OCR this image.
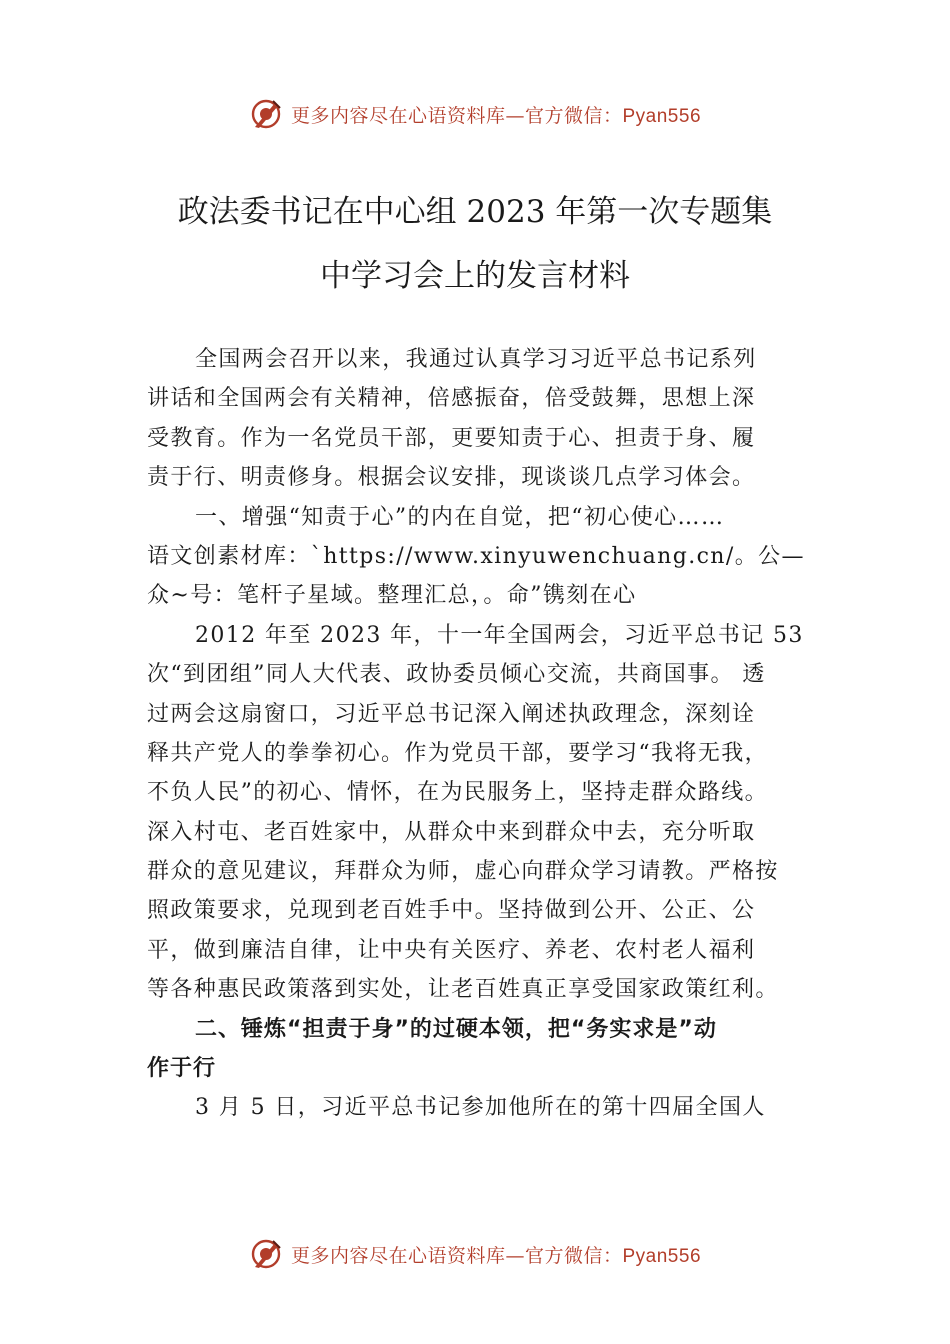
更多内容尽在心语资料库—官方微信：Pyan556
政法委书记在中心组 2023 年第一次专题集
中学习会上的发言材料
全国两会召开以来，我通过认真学习习近平总书记系列
讲话和全国两会有关精神，倍感振奋，倍受鼓舞，思想上深
受教育。作为一名党员干部，更要知责于心、担责于身、履
责于行、明责修身。根据会议安排，现谈谈几点学习体会。
一、增强“知责于心”的内在自觉，把“初心使心……
语文创素材库：`https://www.xinyuwenchuang.cn/。公—
众~号：笔杆子星域。整理汇总，。命”镌刻在心
2012 年至 2023 年，十一年全国两会，习近平总书记 53
次“到团组”同人大代表、政协委员倾心交流，共商国事。 透
过两会这扇窗口，习近平总书记深入阐述执政理念，深刻诠
释共产党人的拳拳初心。作为党员干部，要学习“我将无我，
不负人民”的初心、情怀，在为民服务上，坚持走群众路线。
深入村屯、老百姓家中，从群众中来到群众中去，充分听取
群众的意见建议，拜群众为师，虚心向群众学习请教。严格按
照政策要求，兑现到老百姓手中。坚持做到公开、公正、公
平，做到廉洁自律，让中央有关医疗、养老、农村老人福利
等各种惠民政策落到实处，让老百姓真正享受国家政策红利。
二、锤炼“担责于身”的过硬本领，把“务实求是”动
作于行
3 月 5 日，习近平总书记参加他所在的第十四届全国人
更多内容尽在心语资料库—官方微信：Pyan556
